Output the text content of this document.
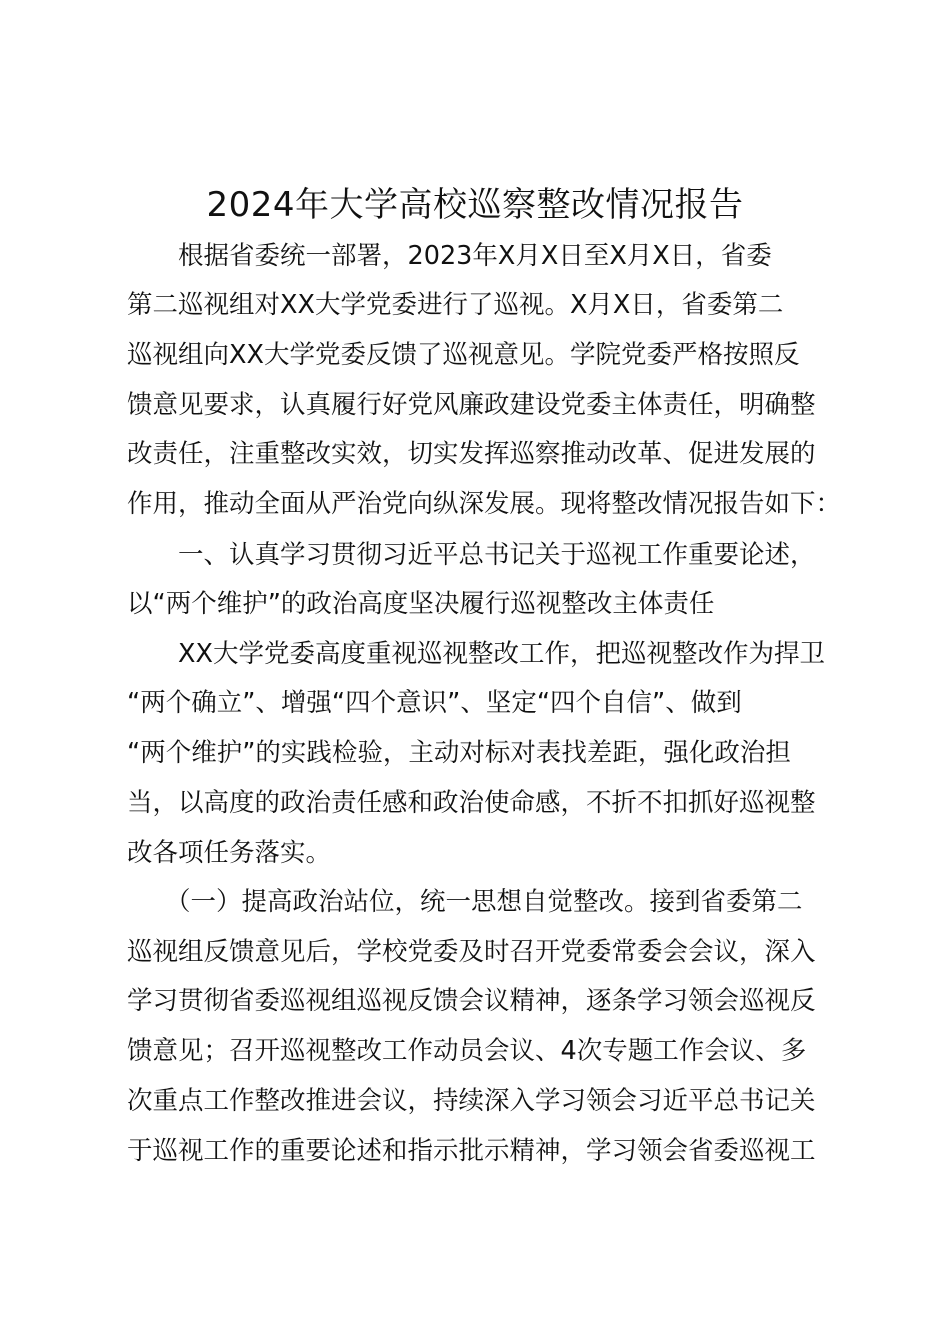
2024年大学高校巡察整改情况报告
根据省委统一部署，2023年X月X日至X月X日，省委
第二巡视组对XX大学党委进行了巡视。X月X日，省委第二
巡视组向XX大学党委反馈了巡视意见。学院党委严格按照反
馈意见要求，认真履行好党风廉政建设党委主体责任，明确整
改责任，注重整改实效，切实发挥巡察推动改革、促进发展的
作用，推动全面从严治党向纵深发展。现将整改情况报告如下：
一、认真学习贯彻习近平总书记关于巡视工作重要论述，
以“两个维护”的政治高度坚决履行巡视整改主体责任
XX大学党委高度重视巡视整改工作，把巡视整改作为捍卫
“两个确立”、增强“四个意识”、坚定“四个自信”、做到
“两个维护”的实践检验，主动对标对表找差距，强化政治担
当，以高度的政治责任感和政治使命感，不折不扣抓好巡视整
改各项任务落实。
（一）提高政治站位，统一思想自觉整改。接到省委第二
巡视组反馈意见后，学校党委及时召开党委常委会会议，深入
学习贯彻省委巡视组巡视反馈会议精神，逐条学习领会巡视反
馈意见；召开巡视整改工作动员会议、4次专题工作会议、多
次重点工作整改推进会议，持续深入学习领会习近平总书记关
于巡视工作的重要论述和指示批示精神，学习领会省委巡视工
